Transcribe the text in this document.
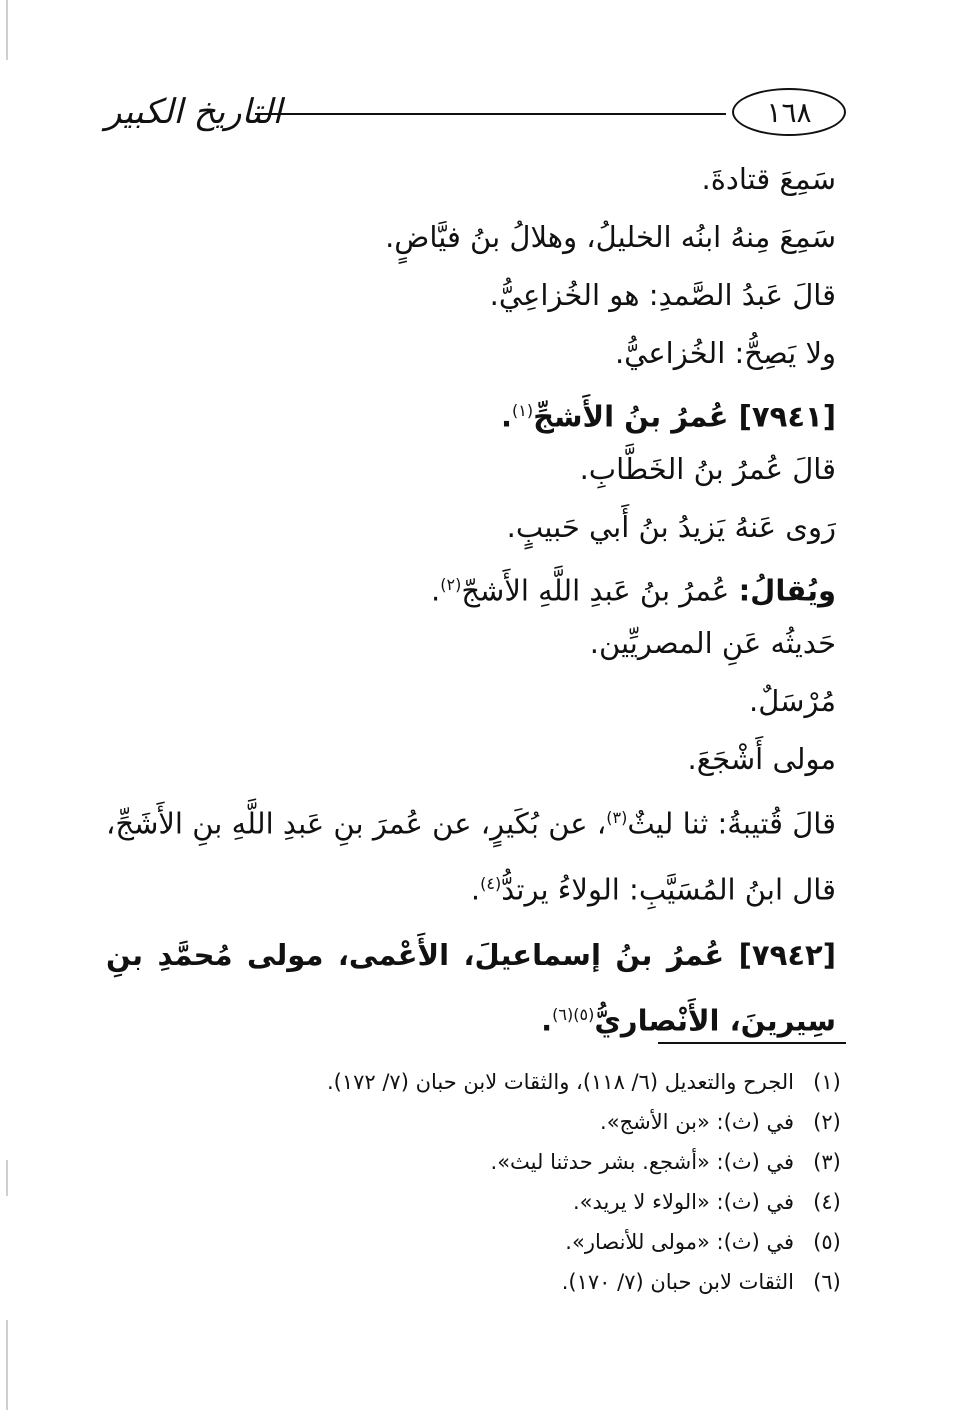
التاريخ الكبير	١٦٨
سَمِعَ قتادةَ.
سَمِعَ مِنهُ ابنُه الخليلُ، وهلالُ بنُ فيَّاضٍ.
قالَ عَبدُ الصَّمدِ: هو الخُزاعِيُّ.
ولا يَصِحُّ: الخُزاعيُّ.
[٧٩٤١] عُمرُ بنُ الأَشجِّ$^{(١)}$.
قالَ عُمرُ بنُ الخَطَّابِ.
رَوى عَنهُ يَزيدُ بنُ أَبي حَبيبٍ.
ويُقالُ: عُمرُ بنُ عَبدِ اللَّهِ الأَشجّ$^{(٢)}$.
حَديثُه عَنِ المصريِّين.
مُرْسَلٌ.
مولى أَشْجَعَ.
قالَ قُتيبةُ: ثنا ليثٌ$^{(٣)}$، عن بُكَيرٍ، عن عُمرَ بنِ عَبدِ اللَّهِ بنِ الأَشَجِّ، قال ابنُ المُسَيَّبِ: الولاءُ يرتدُّ$^{(٤)}$.
[٧٩٤٢] عُمرُ بنُ إسماعيلَ، الأَعْمى، مولى مُحمَّدِ بنِ سِيرينَ، الأَنْصاريُّ$^{(٥)(٦)}$.
(١)
الجرح والتعديل (٦/ ١١٨)، والثقات لابن حبان (٧/ ١٧٢).
(٢)
في (ث): «بن الأشج».
(٣)
في (ث): «أشجع. بشر حدثنا ليث».
(٤)
في (ث): «الولاء لا يريد».
(٥)
في (ث): «مولى للأنصار».
(٦)
الثقات لابن حبان (٧/ ١٧٠).
